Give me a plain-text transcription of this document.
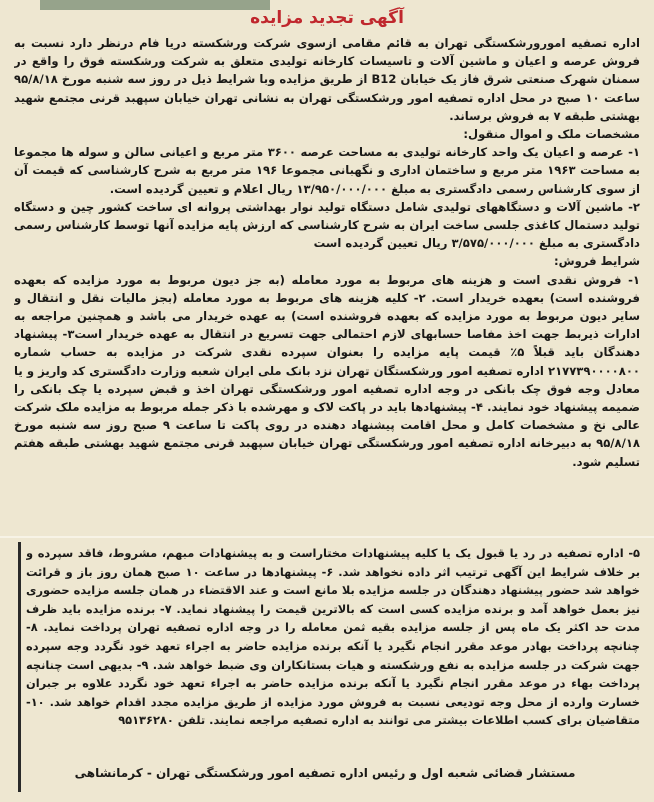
آگهی تجدید مزایده

اداره تصفیه امورورشکستگی تهران به قائم مقامی ازسوی شرکت ورشکسته دریا فام درنظر دارد نسبت به فروش عرصه و اعیان و ماشین آلات و تاسیسات کارخانه تولیدی متعلق به شرکت ورشکسته فوق را واقع در سمنان شهرک صنعتی شرق فاز یک خیابان B12 از طریق مزایده وبا شرایط ذیل در روز سه شنبه مورخ ۹۵/۸/۱۸ ساعت ۱۰ صبح در محل اداره تصفیه امور ورشکستگی تهران به نشانی تهران خیابان سپهبد قرنی مجتمع شهید بهشتی طبقه ۷ به فروش برساند.

مشخصات ملک و اموال منقول:

۱- عرصه و اعیان یک واحد کارخانه تولیدی به مساحت عرصه ۳۶۰۰ متر مربع و اعیانی سالن و سوله ها مجموعا به مساحت ۱۹۶۳ متر مربع و ساختمان اداری و نگهبانی مجموعا ۱۹۶ متر مربع به شرح کارشناسی که قیمت آن از سوی کارشناس رسمی دادگستری به مبلغ ۱۳/۹۵۰/۰۰۰/۰۰۰ ریال اعلام و تعیین گردیده است.

۲- ماشین آلات و دستگاههای تولیدی شامل دستگاه تولید نوار بهداشتی پروانه ای ساخت کشور چین و دستگاه تولید دستمال کاغذی جلسی ساخت ایران به شرح کارشناسی که ارزش پایه مزایده آنها توسط کارشناس رسمی دادگستری به مبلغ ۳/۵۷۵/۰۰۰/۰۰۰ ریال تعیین گردیده است

شرایط فروش:

۱- فروش نقدی است و هزینه های مربوط به مورد معامله (به جز دیون مربوط به مورد مزایده که بعهده فروشنده است) بعهده خریدار است. ۲- کلیه هزینه های مربوط به مورد معامله (بجز مالیات نقل و انتقال و سایر دیون مربوط به مورد مزایده که بعهده فروشنده است) به عهده خریدار می باشد و همچنین مراجعه به ادارات ذیربط جهت اخذ مفاصا حسابهای لازم احتمالی جهت تسریع در انتقال به عهده خریدار است۳- پیشنهاد دهندگان باید قبلاً ۵٪ قیمت پایه مزایده را بعنوان سپرده نقدی شرکت در مزایده به حساب شماره ۲۱۷۷۳۹۰۰۰۰۸۰۰ اداره تصفیه امور ورشکستگان تهران نزد بانک ملی ایران شعبه وزارت دادگستری کد واریز و یا معادل وجه فوق چک بانکی در وجه اداره تصفیه امور ورشکستگی تهران اخذ و قبض سپرده یا چک بانکی را ضمیمه پیشنهاد خود نمایند. ۴- پیشنهادها باید در پاکت لاک و مهرشده با ذکر جمله مربوط به مزایده ملک شرکت عالی نخ و مشخصات کامل و محل اقامت پیشنهاد دهنده در روی پاکت تا ساعت ۹ صبح روز سه شنبه مورخ ۹۵/۸/۱۸ به دبیرخانه اداره تصفیه امور ورشکستگی تهران خیابان سپهبد قرنی مجتمع شهید بهشتی طبقه هفتم تسلیم شود.

۵- اداره تصفیه در رد یا قبول یک یا کلیه پیشنهادات مختاراست و به پیشنهادات مبهم، مشروط، فاقد سپرده و بر خلاف شرایط این آگهی ترتیب اثر داده نخواهد شد. ۶- پیشنهادها در ساعت ۱۰ صبح همان روز باز و قرائت خواهد شد حضور پیشنهاد دهندگان در جلسه مزایده بلا مانع است و عند الاقتضاء در همان جلسه مزایده حضوری نیز بعمل خواهد آمد و برنده مزایده کسی است که بالاترین قیمت را پیشنهاد نماید. ۷- برنده مزایده باید ظرف مدت حد اکثر یک ماه پس از جلسه مزایده بقیه ثمن معامله را در وجه اداره تصفیه تهران پرداخت نماید. ۸- چنانچه پرداخت بهادر موعد مقرر انجام نگیرد یا آنکه برنده مزایده حاضر به اجراء تعهد خود نگردد وجه سپرده جهت شرکت در جلسه مزایده به نفع ورشکسته و هیات بستانکاران وی ضبط خواهد شد. ۹- بدیهی است چنانچه پرداخت بهاء در موعد مقرر انجام نگیرد یا آنکه برنده مزایده حاضر به اجراء تعهد خود نگردد علاوه بر جبران خسارت وارده از محل وجه تودیعی نسبت به فروش مورد مزایده از طریق مزایده مجدد اقدام خواهد شد. ۱۰- متقاضیان برای کسب اطلاعات بیشتر می توانند به اداره تصفیه مراجعه نمایند. تلفن ۹۵۱۳۶۲۸۰

مستشار قضائی شعبه اول و رئیس اداره تصفیه امور ورشکستگی تهران - کرمانشاهی
